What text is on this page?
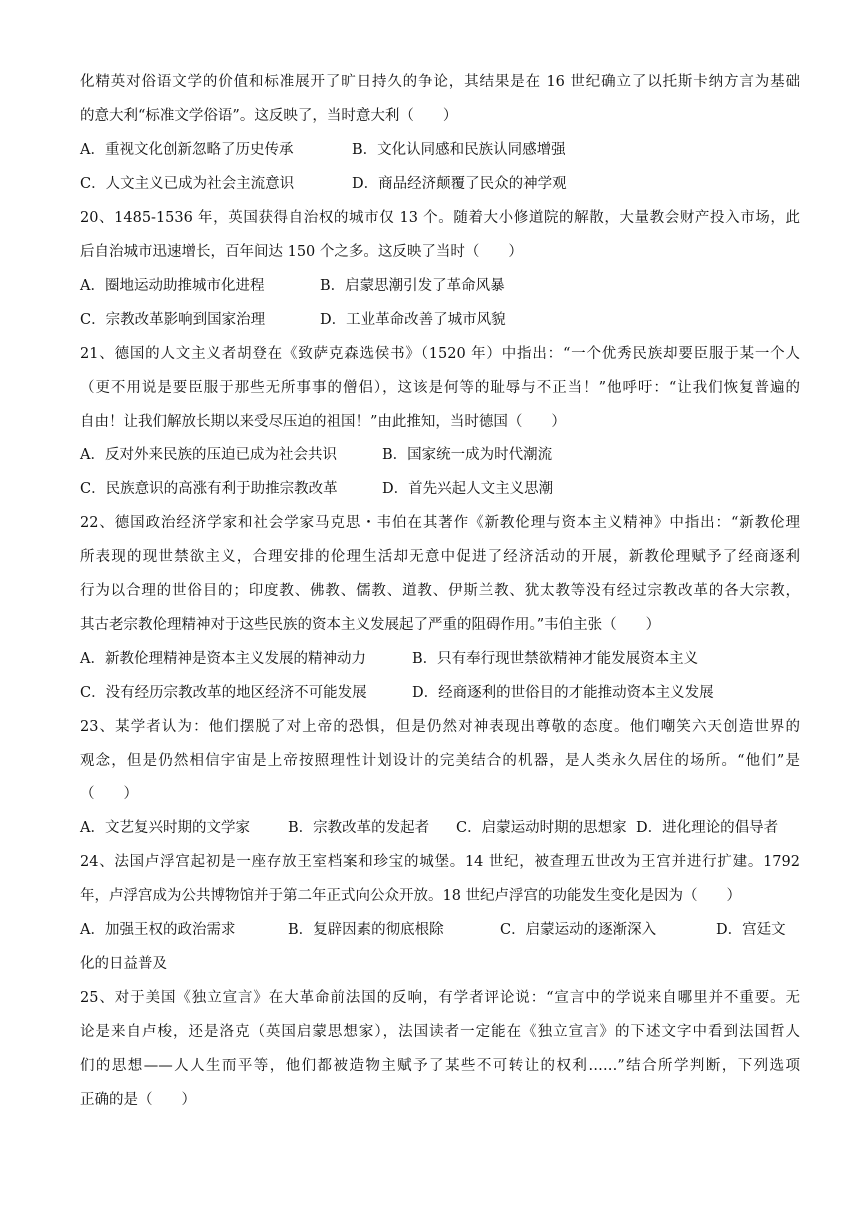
化精英对俗语文学的价值和标准展开了旷日持久的争论，其结果是在 16 世纪确立了以托斯卡纳方言为基础
的意大利“标准文学俗语”。这反映了，当时意大利（　　）
A．重视文化创新忽略了历史传承	B．文化认同感和民族认同感增强
C．人文主义已成为社会主流意识	D．商品经济颠覆了民众的神学观
20、1485-1536 年，英国获得自治权的城市仅 13 个。随着大小修道院的解散，大量教会财产投入市场，此
后自治城市迅速增长，百年间达 150 个之多。这反映了当时（　　）
A．圈地运动助推城市化进程	B．启蒙思潮引发了革命风暴
C．宗教改革影响到国家治理	D．工业革命改善了城市风貌
21、德国的人文主义者胡登在《致萨克森选侯书》（1520 年）中指出：“一个优秀民族却要臣服于某一个人
（更不用说是要臣服于那些无所事事的僧侣），这该是何等的耻辱与不正当！”他呼吁：“让我们恢复普遍的
自由！让我们解放长期以来受尽压迫的祖国！”由此推知，当时德国（　　）
A．反对外来民族的压迫已成为社会共识	B．国家统一成为时代潮流
C．民族意识的高涨有利于助推宗教改革	D．首先兴起人文主义思潮
22、德国政治经济学家和社会学家马克思・韦伯在其著作《新教伦理与资本主义精神》中指出：“新教伦理
所表现的现世禁欲主义，合理安排的伦理生活却无意中促进了经济活动的开展，新教伦理赋予了经商逐利
行为以合理的世俗目的；印度教、佛教、儒教、道教、伊斯兰教、犹太教等没有经过宗教改革的各大宗教，
其古老宗教伦理精神对于这些民族的资本主义发展起了严重的阻碍作用。”韦伯主张（　　）
A．新教伦理精神是资本主义发展的精神动力	B．只有奉行现世禁欲精神才能发展资本主义
C．没有经历宗教改革的地区经济不可能发展	D．经商逐利的世俗目的才能推动资本主义发展
23、某学者认为：他们摆脱了对上帝的恐惧，但是仍然对神表现出尊敬的态度。他们嘲笑六天创造世界的
观念，但是仍然相信宇宙是上帝按照理性计划设计的完美结合的机器，是人类永久居住的场所。“他们”是
（　　）
A．文艺复兴时期的文学家	B．宗教改革的发起者 C．启蒙运动时期的思想家 D．进化理论的倡导者
24、法国卢浮宫起初是一座存放王室档案和珍宝的城堡。14 世纪，被查理五世改为王宫并进行扩建。1792
年，卢浮宫成为公共博物馆并于第二年正式向公众开放。18 世纪卢浮宫的功能发生变化是因为（　　）
A．加强王权的政治需求	B．复辟因素的彻底根除	C．启蒙运动的逐渐深入	D．宫廷文
化的日益普及
25、对于美国《独立宣言》在大革命前法国的反响，有学者评论说：“宣言中的学说来自哪里并不重要。无
论是来自卢梭，还是洛克（英国启蒙思想家），法国读者一定能在《独立宣言》的下述文字中看到法国哲人
们的思想——人人生而平等，他们都被造物主赋予了某些不可转让的权利……”结合所学判断，下列选项
正确的是（　　）
